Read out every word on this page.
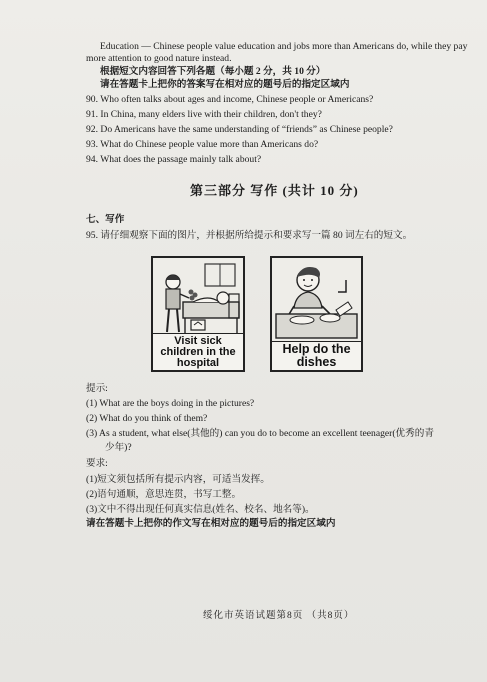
Education — Chinese people value education and jobs more than Americans do, while they pay
more attention to good nature instead.
根据短文内容回答下列各题（每小题 2 分，共 10 分）
请在答题卡上把你的答案写在相对应的题号后的指定区域内
90. Who often talks about ages and income, Chinese people or Americans?
91. In China, many elders live with their children, don't they?
92. Do Americans have the same understanding of “friends” as Chinese people?
93. What do Chinese people value more than Americans do?
94. What does the passage mainly talk about?
第三部分 写作 (共计 10 分)
七、写作
95. 请仔细观察下面的图片，并根据所给提示和要求写一篇 80 词左右的短文。
Visit sick children in the hospital
Help do the dishes
提示:
(1) What are the boys doing in the pictures?
(2) What do you think of them?
(3) As a student, what else(其他的) can you do to become an excellent teenager(优秀的青
少年)?
要求:
(1)短文须包括所有提示内容，可适当发挥。
(2)语句通顺，意思连贯，书写工整。
(3)文中不得出现任何真实信息(姓名、校名、地名等)。
请在答题卡上把你的作文写在相对应的题号后的指定区域内
绥化市英语试题第8页 （共8页）
